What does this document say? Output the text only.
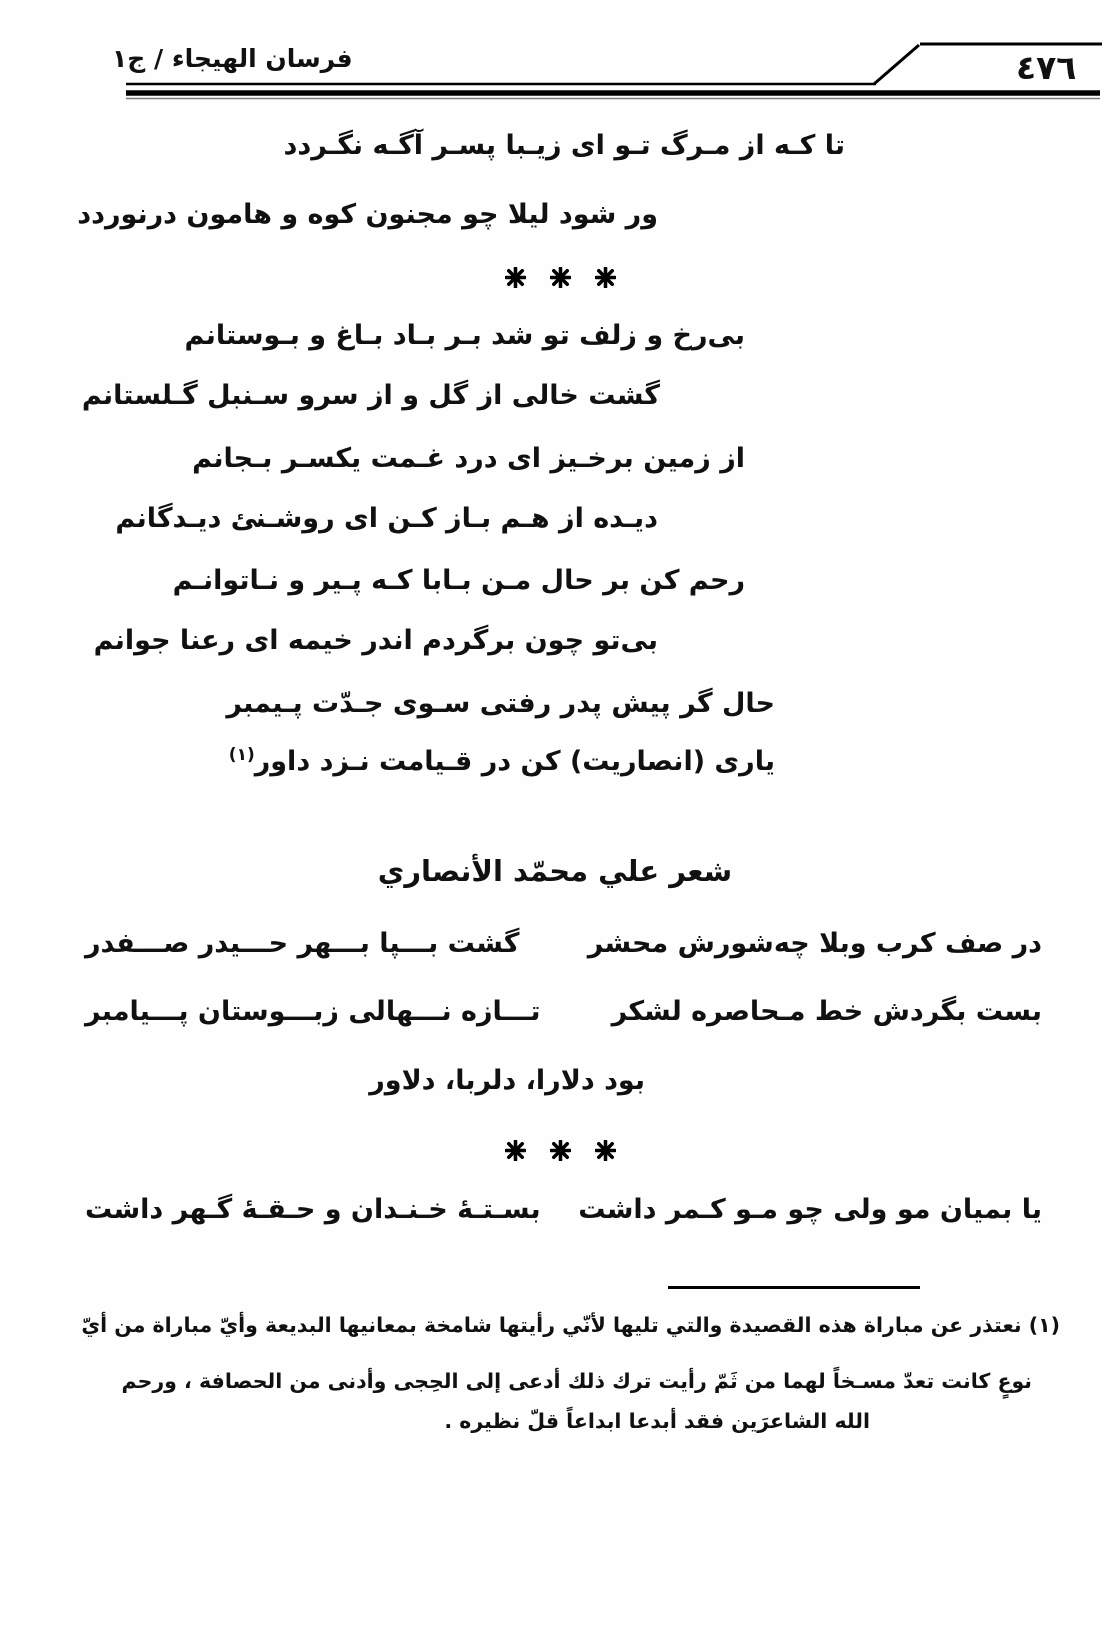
فرسان الهيجاء / ج١	٤٧٦
تا كـه از مـرگ تـو اى زيـبا پسـر آگـه نگـردد
ور شود ليلا چو مجنون كوه و هامون درنوردد
بى‌رخ و زلف تو شد بـر بـاد بـاغ و بـوستانم
گشت خالى از گل و از سرو سـنبل گـلستانم
از زمين برخـيز اى درد غـمت يكسـر بـجانم
ديـده از هـم بـاز كـن اى روشـنئ ديـدگانم
رحم كن بر حال مـن بـابا كـه پـير و نـاتوانـم
بى‌تو چون برگردم اندر خيمه اى رعنا جوانم
حال گر پيش پدر رفتى سـوى جـدّت پـيمبر
يارى (انصاريت) كن در قـيامت نـزد داور$^{(١)}$
شعر علي محمّد الأنصاري
در صف كرب وبلا چه‌شورش محشر
گشت بـــپا بـــهر حـــيدر صـــفدر
بست بگردش خط مـحاصره لشكر
تـــازه نـــهالى زبـــوستان پـــيامبر
بود دلارا، دلربا، دلاور
يا بميان مو ولى چو مـو كـمر داشت
بسـتـهٔ خـنـدان و حـقـهٔ گـهر داشت
(١) نعتذر عن مباراة هذه القصيدة والتي تليها لأنّي رأيتها شامخة بمعانيها البديعة وأيّ مباراة من أيّ
نوعٍ كانت تعدّ مسـخاً لهما من ثَمّ رأيت ترك ذلك أدعى إلى الحِجى وأدنى من الحصافة ، ورحم
الله الشاعرَين فقد أبدعا ابداعاً قلّ نظيره .
